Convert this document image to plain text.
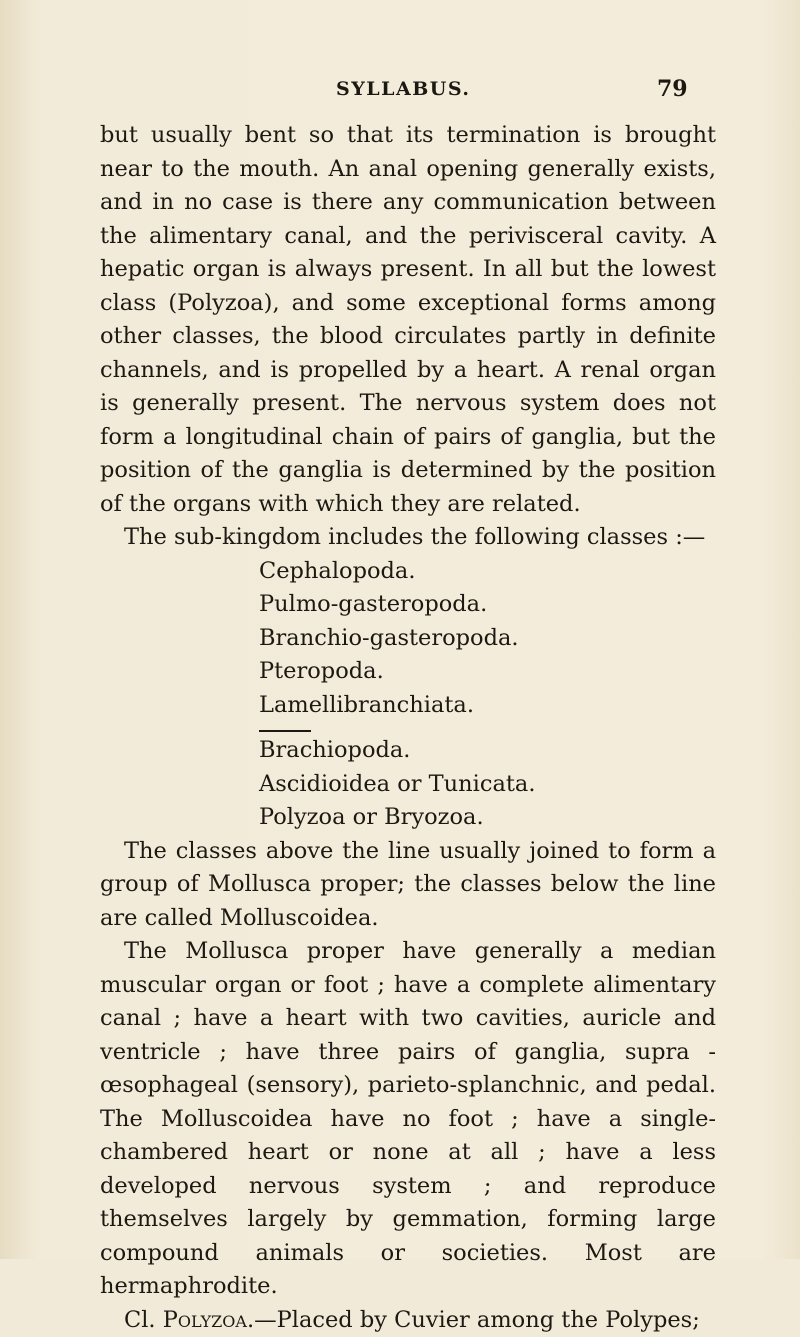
SYLLABUS.	79

but usually bent so that its termination is brought near to the mouth. An anal opening generally exists, and in no case is there any communication between the alimentary canal, and the perivisceral cavity. A hepatic organ is always present. In all but the lowest class (Polyzoa), and some exceptional forms among other classes, the blood circulates partly in definite channels, and is propelled by a heart. A renal organ is generally present. The nervous system does not form a longitudinal chain of pairs of ganglia, but the position of the ganglia is determined by the position of the organs with which they are related.

The sub-kingdom includes the following classes :—

Cephalopoda.
Pulmo-gasteropoda.
Branchio-gasteropoda.
Pteropoda.
Lamellibranchiata.
Brachiopoda.
Ascidioidea or Tunicata.
Polyzoa or Bryozoa.

The classes above the line usually joined to form a group of Mollusca proper; the classes below the line are called Molluscoidea.

The Mollusca proper have generally a median muscular organ or foot ; have a complete alimentary canal ; have a heart with two cavities, auricle and ventricle ; have three pairs of ganglia, supra - œsophageal (sensory), parieto-splanchnic, and pedal. The Molluscoidea have no foot ; have a single-chambered heart or none at all ; have a less developed nervous system ; and reproduce themselves largely by gemmation, forming large compound animals or societies. Most are hermaphrodite.

Cl. Polyzoa.—Placed by Cuvier among the Polypes;
